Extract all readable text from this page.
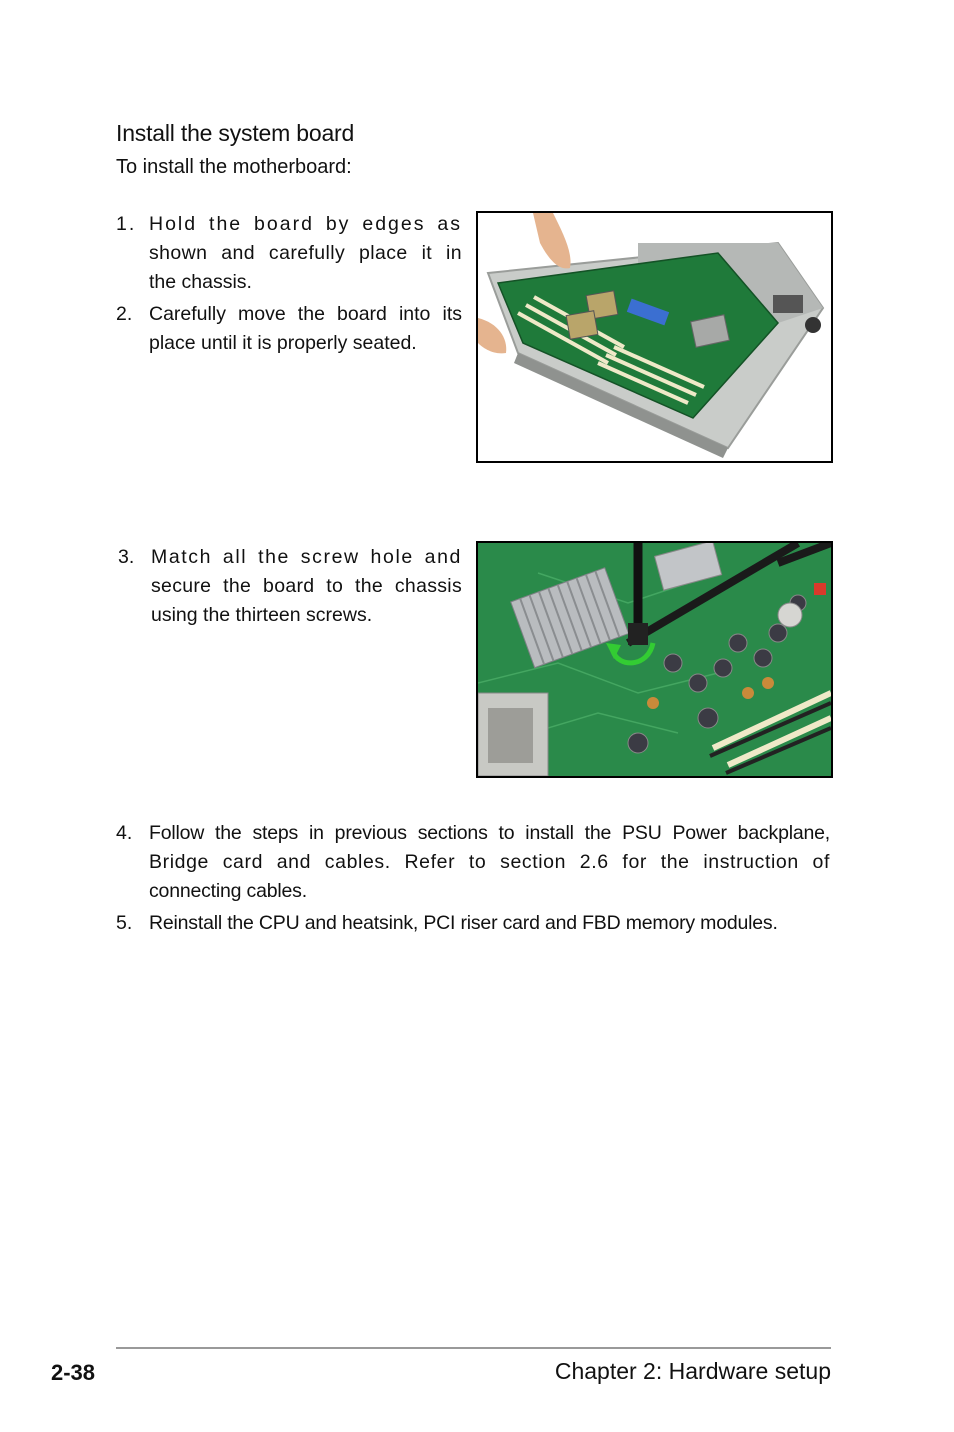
Install the system board
To install the motherboard:
1. Hold the board by edges as
shown and carefully place it in
the chassis.
2. Carefully move the board into its
place until it is properly seated.
3. Match all the screw hole and
secure the board to the chassis
using the thirteen screws.
4. Follow the steps in previous sections to install the PSU Power backplane,
Bridge card and cables. Refer to section 2.6 for the instruction of
connecting cables.
5. Reinstall the CPU and heatsink, PCI riser card and FBD memory modules.
2-38	Chapter 2: Hardware setup
